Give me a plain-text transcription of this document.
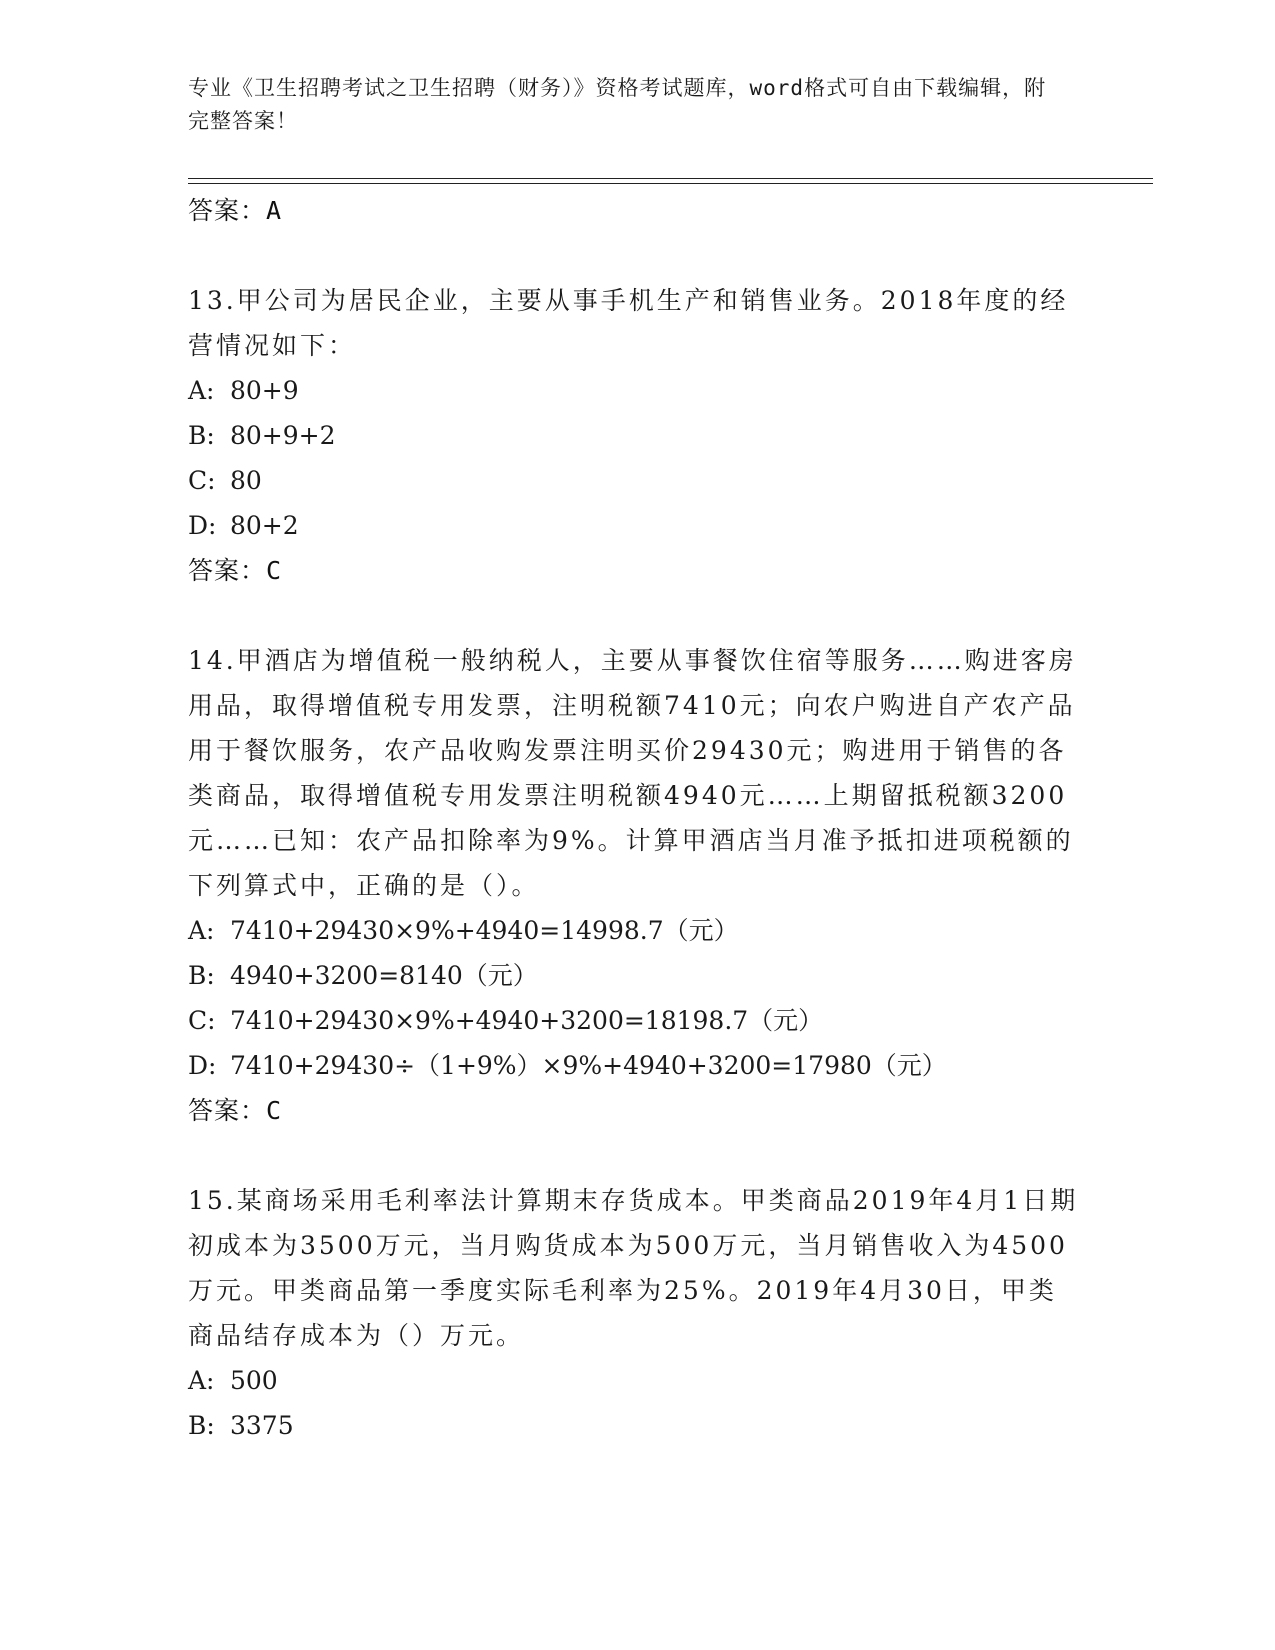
专业《卫生招聘考试之卫生招聘（财务）》资格考试题库，word格式可自由下载编辑，附完整答案！
答案：A

13.甲公司为居民企业，主要从事手机生产和销售业务。2018年度的经营情况如下：

A: 80+9
B: 80+9+2
C: 80
D: 80+2
答案：C

14.甲酒店为增值税一般纳税人，主要从事餐饮住宿等服务……购进客房用品，取得增值税专用发票，注明税额7410元；向农户购进自产农产品用于餐饮服务，农产品收购发票注明买价29430元；购进用于销售的各类商品，取得增值税专用发票注明税额4940元……上期留抵税额3200元……已知：农产品扣除率为9%。计算甲酒店当月准予抵扣进项税额的下列算式中，正确的是（）。

A: 7410+29430×9%+4940=14998.7（元）
B: 4940+3200=8140（元）
C: 7410+29430×9%+4940+3200=18198.7（元）
D: 7410+29430÷（1+9%）×9%+4940+3200=17980（元）
答案：C

15.某商场采用毛利率法计算期末存货成本。甲类商品2019年4月1日期初成本为3500万元，当月购货成本为500万元，当月销售收入为4500万元。甲类商品第一季度实际毛利率为25%。2019年4月30日，甲类商品结存成本为（）万元。

A: 500
B: 3375
